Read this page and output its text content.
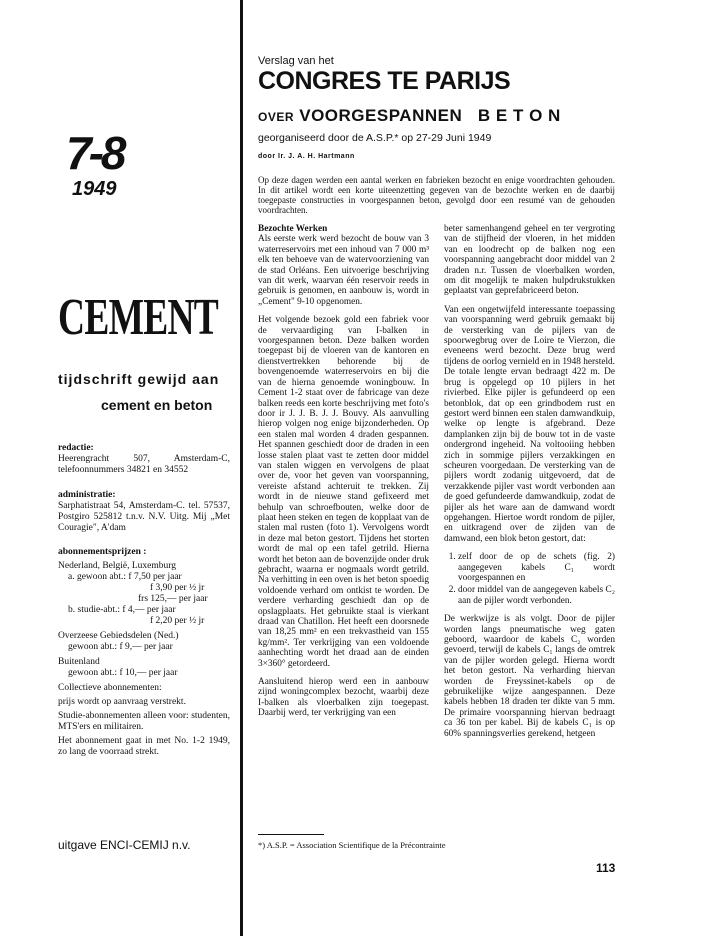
7-8
1949
CEMENT
tijdschrift gewijd aan
cement en beton
redactie:
Heerengracht 507, Amsterdam-C, telefoonnummers 34821 en 34552
administratie:
Sarphatistraat 54, Amsterdam-C. tel. 57537, Postgiro 525812 t.n.v. N.V. Uitg. Mij „Met Couragie", A'dam
abonnementsprijzen :
Nederland, België, Luxemburg
a. gewoon abt.: f 7,50 per jaar
f 3,90 per ½ jr
frs 125,— per jaar
b. studie-abt.: f 4,— per jaar
f 2,20 per ½ jr
Overzeese Gebiedsdelen (Ned.)
gewoon abt.: f 9,— per jaar
Buitenland
gewoon abt.: f 10,— per jaar
Collectieve abonnementen:
prijs wordt op aanvraag verstrekt.
Studie-abonnementen alleen voor: studenten, MTS'ers en militairen.
Het abonnement gaat in met No. 1-2 1949, zo lang de voorraad strekt.
uitgave ENCI-CEMIJ n.v.
Verslag van het
CONGRES TE PARIJS
OVER VOORGESPANNEN B E T O N
georganiseerd door de A.S.P.* op 27-29 Juni 1949
door Ir. J. A. H. Hartmann
Op deze dagen werden een aantal werken en fabrieken bezocht en enige voordrachten gehouden. In dit artikel wordt een korte uiteenzetting gegeven van de bezochte werken en de daarbij toegepaste constructies in voorgespannen beton, gevolgd door een resumé van de gehouden voordrachten.
Bezochte Werken

Als eerste werk werd bezocht de bouw van 3 waterreservoirs met een inhoud van 7 000 m³ elk ten behoeve van de watervoorziening van de stad Orléans. Een uitvoerige beschrijving van dit werk, waarvan één reservoir reeds in gebruik is genomen, en aanbouw is, wordt in „Cement" 9-10 opgenomen.

Het volgende bezoek gold een fabriek voor de vervaardiging van I-balken in voorgespannen beton. Deze balken worden toegepast bij de vloeren van de kantoren en dienstvertrekken behorende bij de bovengenoemde waterreservoirs en bij die van de hierna genoemde woningbouw. In Cement 1-2 staat over de fabricage van deze balken reeds een korte beschrijving met foto's door ir J. J. B. J. J. Bouvy. Als aanvulling hierop volgen nog enige bijzonderheden. Op een stalen mal worden 4 draden gespannen. Het spannen geschiedt door de draden in een losse stalen plaat vast te zetten door middel van stalen wiggen en vervolgens de plaat over de, voor het geven van voorspanning, vereiste afstand achteruit te trekken. Zij wordt in de nieuwe stand gefixeerd met behulp van schroefbouten, welke door de plaat heen steken en tegen de kopplaat van de stalen mal rusten (foto 1). Vervolgens wordt in deze mal beton gestort. Tijdens het storten wordt de mal op een tafel getrild. Hierna wordt het beton aan de bovenzijde onder druk gebracht, waarna er nogmaals wordt getrild. Na verhitting in een oven is het beton spoedig voldoende verhard om ontkist te worden. De verdere verharding geschiedt dan op de opslagplaats. Het gebruikte staal is vierkant draad van Chatillon. Het heeft een doorsnede van 18,25 mm² en een trekvastheid van 155 kg/mm². Ter verkrijging van een voldoende aanhechting wordt het draad aan de einden 3×360° getordeerd.

Aansluitend hierop werd een in aanbouw zijnd woningcomplex bezocht, waarbij deze I-balken als vloerbalken zijn toegepast. Daarbij werd, ter verkrijging van een

beter samenhangend geheel en ter vergroting van de stijfheid der vloeren, in het midden van en loodrecht op de balken nog een voorspanning aangebracht door middel van 2 draden n.r. Tussen de vloerbalken worden, om dit mogelijk te maken hulpdrukstukken geplaatst van geprefabriceerd beton.

Van een ongetwijfeld interessante toepassing van voorspanning werd gebruik gemaakt bij de versterking van de pijlers van de spoorwegbrug over de Loire te Vierzon, die eveneens werd bezocht. Deze brug werd tijdens de oorlog vernield en in 1948 hersteld. De totale lengte ervan bedraagt 422 m. De brug is opgelegd op 10 pijlers in het rivierbed. Elke pijler is gefundeerd op een betonblok, dat op een grindbodem rust en gestort werd binnen een stalen damwandkuip, welke op lengte is afgebrand. Deze damplanken zijn bij de bouw tot in de vaste ondergrond ingeheid. Na voltooiing hebben zich in sommige pijlers verzakkingen en scheuren voorgedaan. De versterking van de pijlers wordt zodanig uitgevoerd, dat de verzakkende pijler vast wordt verbonden aan de goed gefundeerde damwandkuip, zodat de pijler als het ware aan de damwand wordt opgehangen. Hiertoe wordt rondom de pijler, en uitkragend over de zijden van de damwand, een blok beton gestort, dat:

1. zelf door de op de schets (fig. 2) aangegeven kabels C₁ wordt voorgespannen en
2. door middel van de aangegeven kabels C₂ aan de pijler wordt verbonden.

De werkwijze is als volgt. Door de pijler worden langs pneumatische weg gaten geboord, waardoor de kabels C₂ worden gevoerd, terwijl de kabels C₁ langs de omtrek van de pijler worden gelegd. Hierna wordt het beton gestort. Na verharding hiervan worden de Freyssinet-kabels op de gebruikelijke wijze aangespannen. Deze kabels hebben 18 draden ter dikte van 5 mm. De primaire voorspanning hiervan bedraagt ca 36 ton per kabel. Bij de kabels C₁ is op 60% spanningsverlies gerekend, hetgeen

*) A.S.P. = Association Scientifique de la Précontrainte
113
